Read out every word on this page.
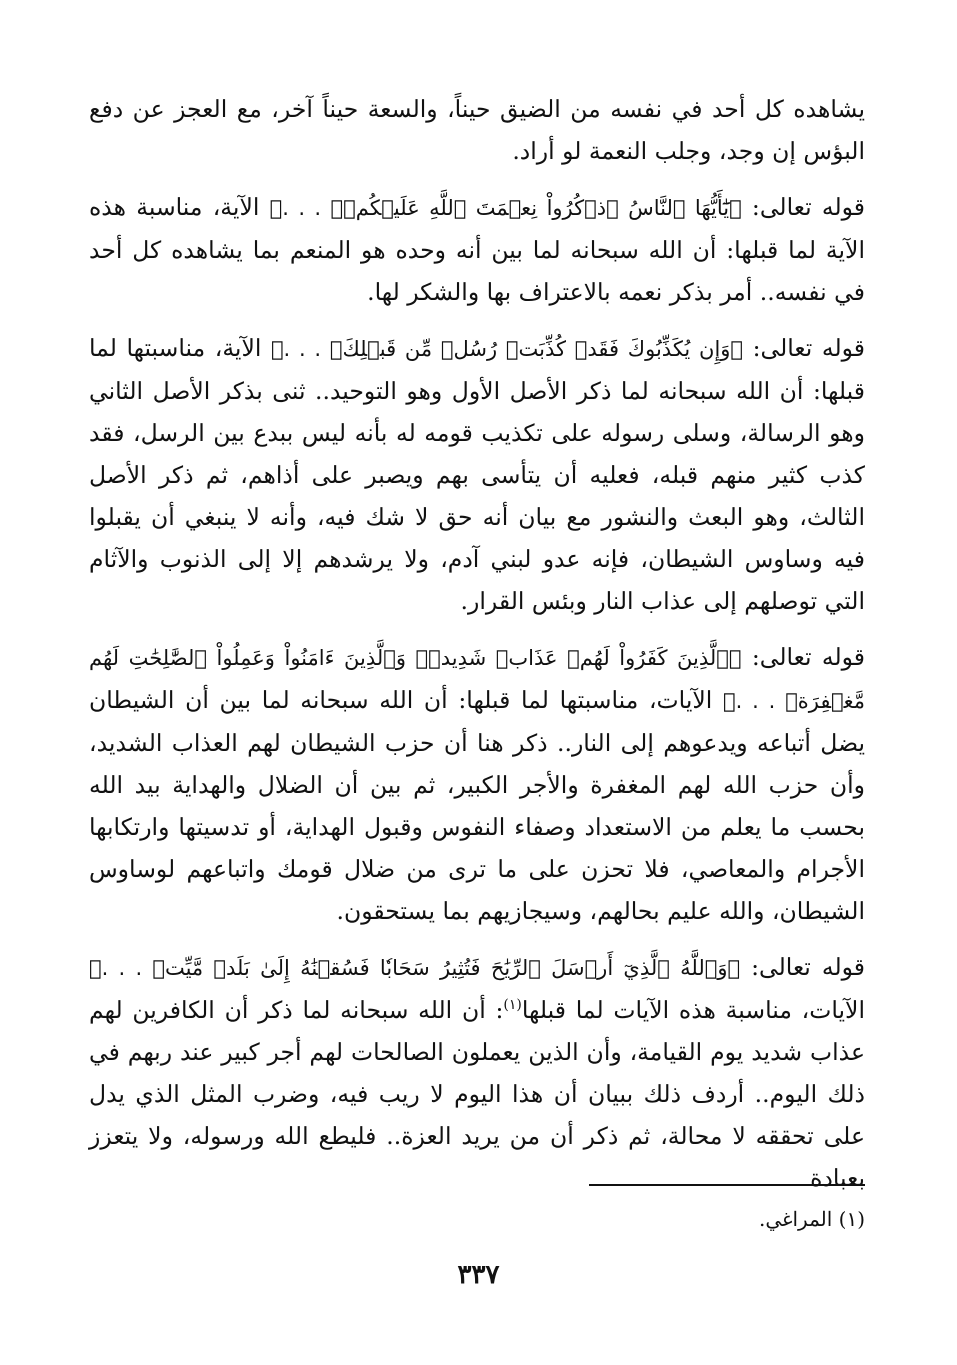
يشاهده كل أحد في نفسه من الضيق حيناً، والسعة حيناً آخر، مع العجز عن دفع البؤس إن وجد، وجلب النعمة لو أراد.

قوله تعالى: ﴿يَٰٓأَيُّهَا ٱلنَّاسُ ٱذۡكُرُواْ نِعۡمَتَ ٱللَّهِ عَلَيۡكُمۡۚ . . .﴾ الآية، مناسبة هذه الآية لما قبلها: أن الله سبحانه لما بين أنه وحده هو المنعم بما يشاهده كل أحد في نفسه.. أمر بذكر نعمه بالاعتراف بها والشكر لها.

قوله تعالى: ﴿وَإِن يُكَذِّبُوكَ فَقَدۡ كُذِّبَتۡ رُسُلٞ مِّن قَبۡلِكَۚ . . .﴾ الآية، مناسبتها لما قبلها: أن الله سبحانه لما ذكر الأصل الأول وهو التوحيد.. ثنى بذكر الأصل الثاني وهو الرسالة، وسلى رسوله على تكذيب قومه له بأنه ليس ببدع بين الرسل، فقد كذب كثير منهم قبله، فعليه أن يتأسى بهم ويصبر على أذاهم، ثم ذكر الأصل الثالث، وهو البعث والنشور مع بيان أنه حق لا شك فيه، وأنه لا ينبغي أن يقبلوا فيه وساوس الشيطان، فإنه عدو لبني آدم، ولا يرشدهم إلا إلى الذنوب والآثام التي توصلهم إلى عذاب النار وبئس القرار.

قوله تعالى: ﴿ٱلَّذِينَ كَفَرُواْ لَهُمۡ عَذَابٞ شَدِيدٞۖ وَٱلَّذِينَ ءَامَنُواْ وَعَمِلُواْ ٱلصَّٰلِحَٰتِ لَهُم مَّغۡفِرَةٞ . . .﴾ الآيات، مناسبتها لما قبلها: أن الله سبحانه لما بين أن الشيطان يضل أتباعه ويدعوهم إلى النار.. ذكر هنا أن حزب الشيطان لهم العذاب الشديد، وأن حزب الله لهم المغفرة والأجر الكبير، ثم بين أن الضلال والهداية بيد الله بحسب ما يعلم من الاستعداد وصفاء النفوس وقبول الهداية، أو تدسيتها وارتكابها الأجرام والمعاصي، فلا تحزن على ما ترى من ضلال قومك واتباعهم لوساوس الشيطان، والله عليم بحالهم، وسيجازيهم بما يستحقون.

قوله تعالى: ﴿وَٱللَّهُ ٱلَّذِيٓ أَرۡسَلَ ٱلرِّيَٰحَ فَتُثِيرُ سَحَابٗا فَسُقۡنَٰهُ إِلَىٰ بَلَدٖ مَّيِّتٖ . . .﴾ الآيات، مناسبة هذه الآيات لما قبلها$^{(١)}$: أن الله سبحانه لما ذكر أن الكافرين لهم عذاب شديد يوم القيامة، وأن الذين يعملون الصالحات لهم أجر كبير عند ربهم في ذلك اليوم.. أردف ذلك ببيان أن هذا اليوم لا ريب فيه، وضرب المثل الذي يدل على تحققه لا محالة، ثم ذكر أن من يريد العزة.. فليطع الله ورسوله، ولا يتعزز بعبادة

(١) المراغي.

٣٣٧
